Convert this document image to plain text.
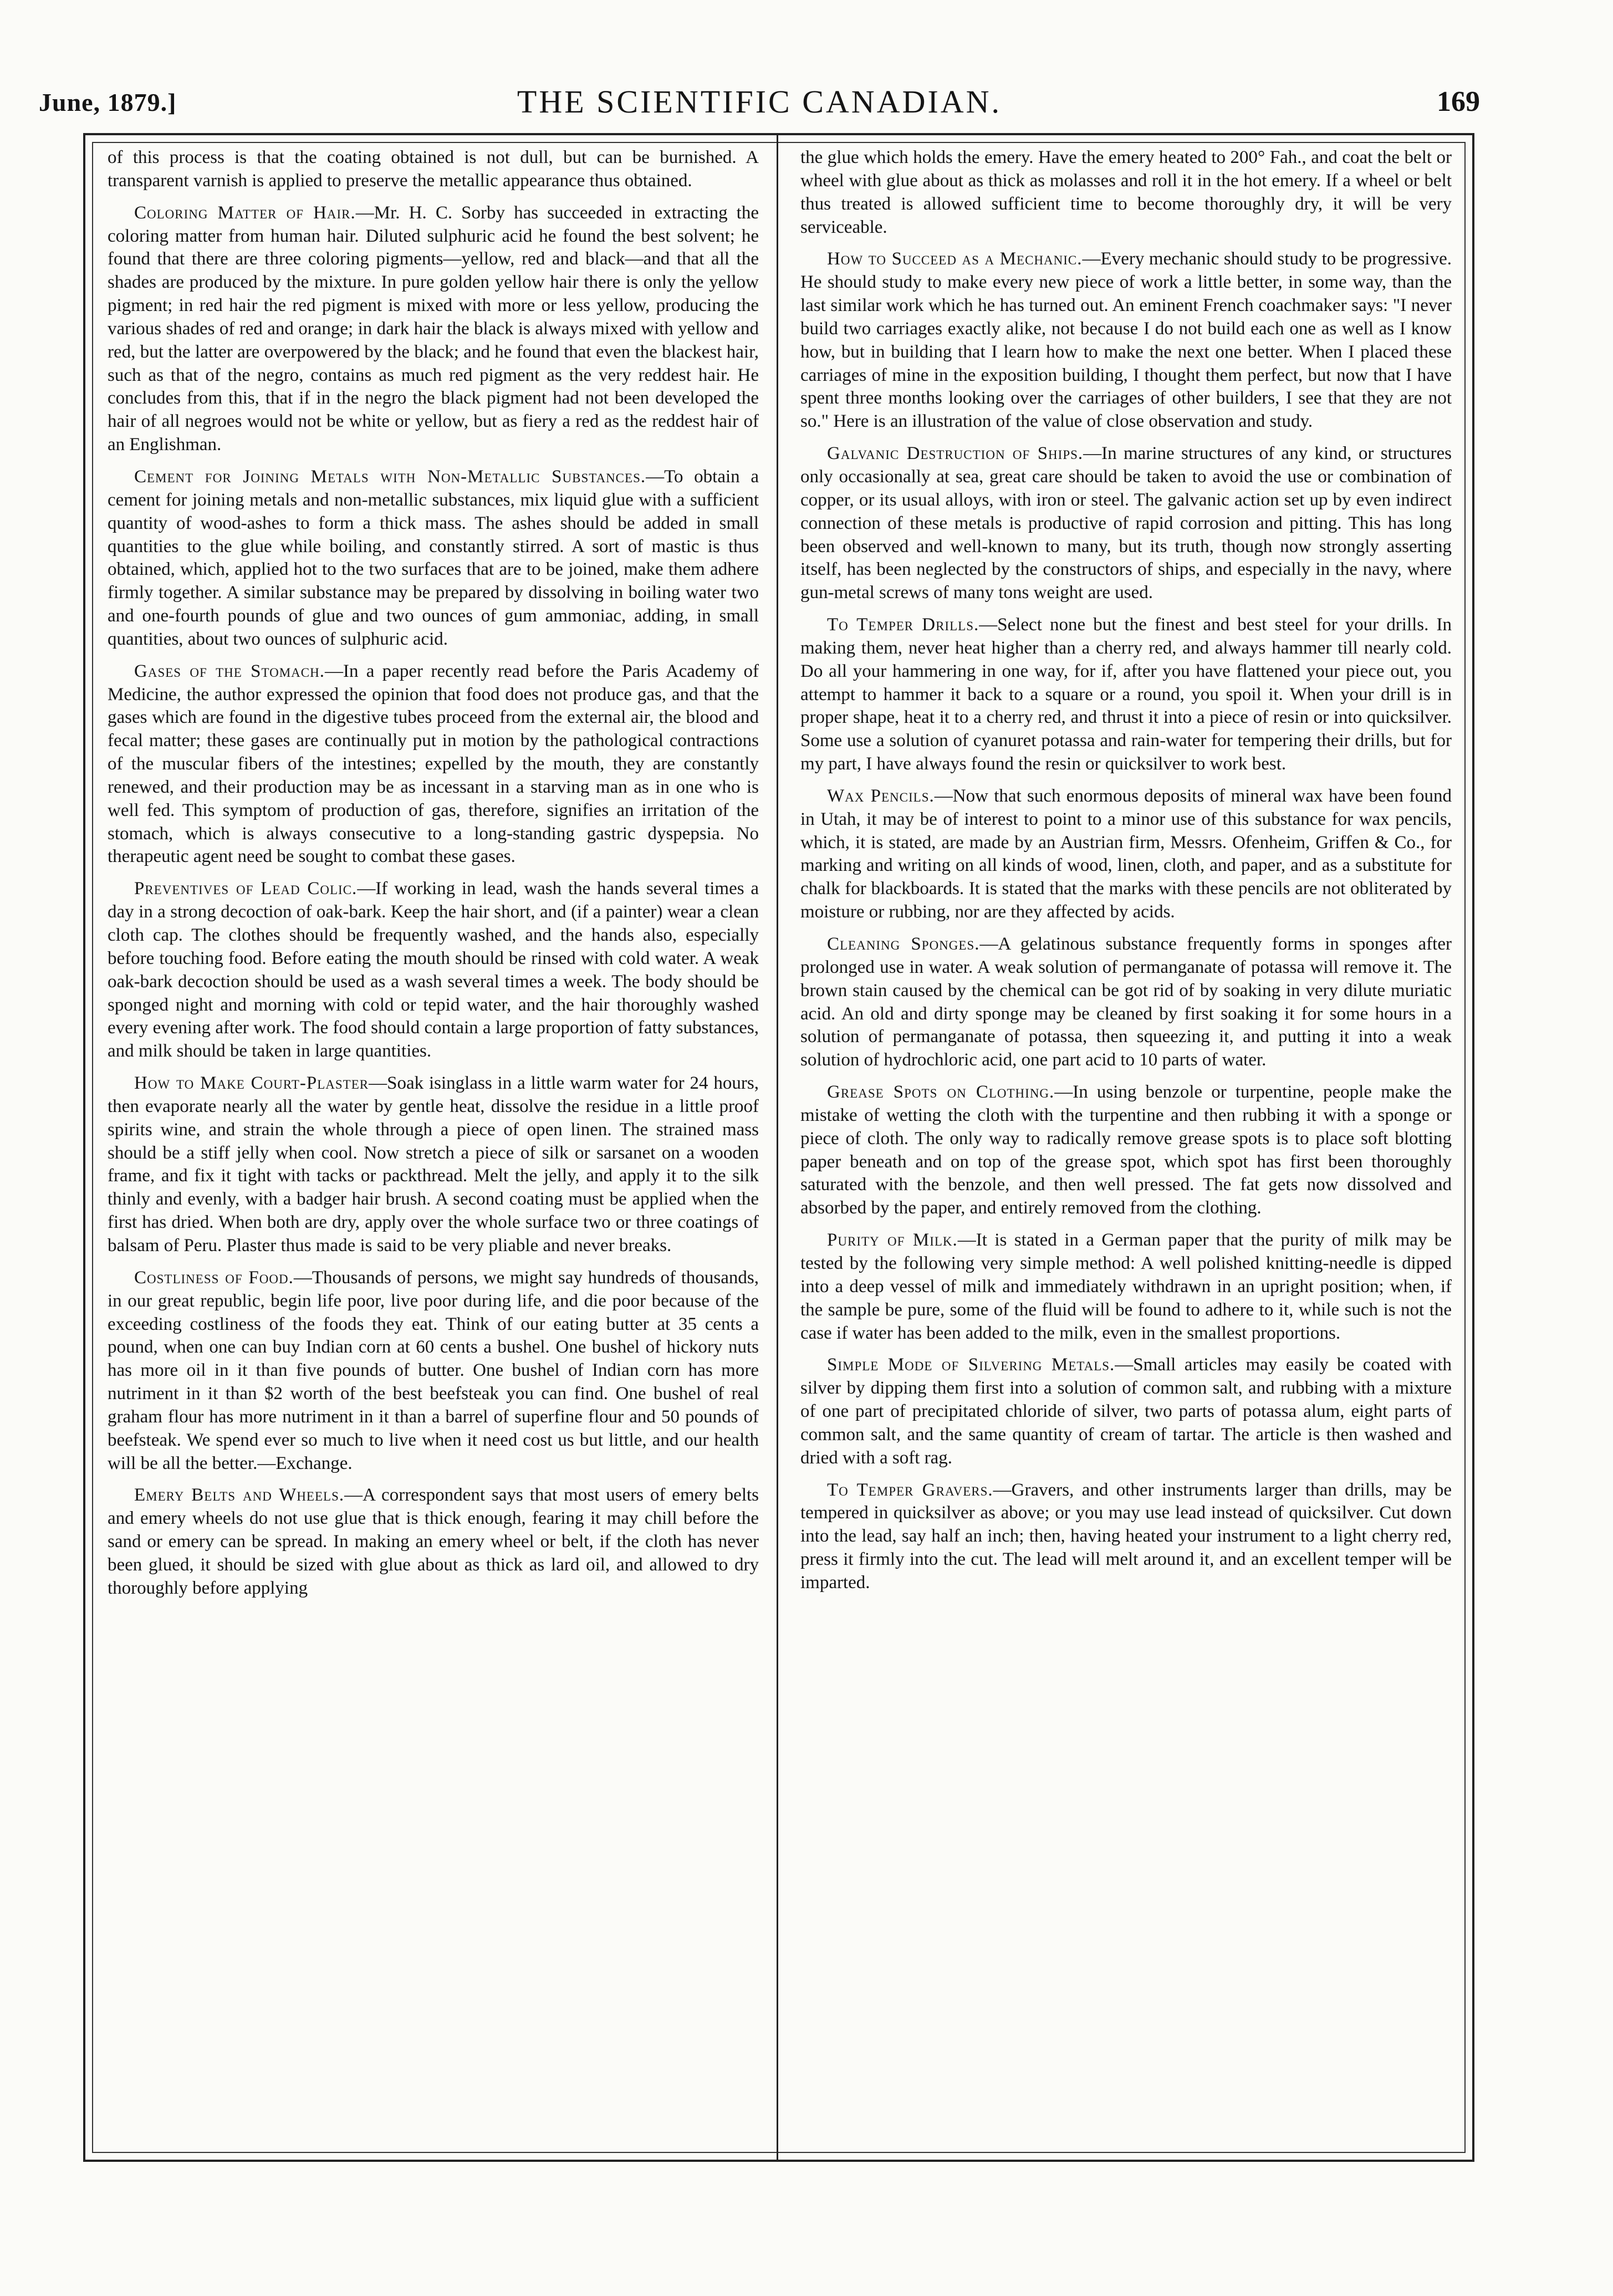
June, 1879.]	THE SCIENTIFIC CANADIAN.	169

of this process is that the coating obtained is not dull, but can be burnished. A transparent varnish is applied to preserve the metallic appearance thus obtained.

Coloring Matter of Hair.—Mr. H. C. Sorby has succeeded in extracting the coloring matter from human hair. Diluted sulphuric acid he found the best solvent; he found that there are three coloring pigments—yellow, red and black—and that all the shades are produced by the mixture. In pure golden yellow hair there is only the yellow pigment; in red hair the red pigment is mixed with more or less yellow, producing the various shades of red and orange; in dark hair the black is always mixed with yellow and red, but the latter are overpowered by the black; and he found that even the blackest hair, such as that of the negro, contains as much red pigment as the very reddest hair. He concludes from this, that if in the negro the black pigment had not been developed the hair of all negroes would not be white or yellow, but as fiery a red as the reddest hair of an Englishman.

Cement for Joining Metals with Non-Metallic Substances.—To obtain a cement for joining metals and non-metallic substances, mix liquid glue with a sufficient quantity of wood-ashes to form a thick mass. The ashes should be added in small quantities to the glue while boiling, and constantly stirred. A sort of mastic is thus obtained, which, applied hot to the two surfaces that are to be joined, make them adhere firmly together. A similar substance may be prepared by dissolving in boiling water two and one-fourth pounds of glue and two ounces of gum ammoniac, adding, in small quantities, about two ounces of sulphuric acid.

Gases of the Stomach.—In a paper recently read before the Paris Academy of Medicine, the author expressed the opinion that food does not produce gas, and that the gases which are found in the digestive tubes proceed from the external air, the blood and fecal matter; these gases are continually put in motion by the pathological contractions of the muscular fibers of the intestines; expelled by the mouth, they are constantly renewed, and their production may be as incessant in a starving man as in one who is well fed. This symptom of production of gas, therefore, signifies an irritation of the stomach, which is always consecutive to a long-standing gastric dyspepsia. No therapeutic agent need be sought to combat these gases.

Preventives of Lead Colic.—If working in lead, wash the hands several times a day in a strong decoction of oak-bark. Keep the hair short, and (if a painter) wear a clean cloth cap. The clothes should be frequently washed, and the hands also, especially before touching food. Before eating the mouth should be rinsed with cold water. A weak oak-bark decoction should be used as a wash several times a week. The body should be sponged night and morning with cold or tepid water, and the hair thoroughly washed every evening after work. The food should contain a large proportion of fatty substances, and milk should be taken in large quantities.

How to Make Court-Plaster—Soak isinglass in a little warm water for 24 hours, then evaporate nearly all the water by gentle heat, dissolve the residue in a little proof spirits wine, and strain the whole through a piece of open linen. The strained mass should be a stiff jelly when cool. Now stretch a piece of silk or sarsanet on a wooden frame, and fix it tight with tacks or packthread. Melt the jelly, and apply it to the silk thinly and evenly, with a badger hair brush. A second coating must be applied when the first has dried. When both are dry, apply over the whole surface two or three coatings of balsam of Peru. Plaster thus made is said to be very pliable and never breaks.

Costliness of Food.—Thousands of persons, we might say hundreds of thousands, in our great republic, begin life poor, live poor during life, and die poor because of the exceeding costliness of the foods they eat. Think of our eating butter at 35 cents a pound, when one can buy Indian corn at 60 cents a bushel. One bushel of hickory nuts has more oil in it than five pounds of butter. One bushel of Indian corn has more nutriment in it than $2 worth of the best beefsteak you can find. One bushel of real graham flour has more nutriment in it than a barrel of superfine flour and 50 pounds of beefsteak. We spend ever so much to live when it need cost us but little, and our health will be all the better.—Exchange.

Emery Belts and Wheels.—A correspondent says that most users of emery belts and emery wheels do not use glue that is thick enough, fearing it may chill before the sand or emery can be spread. In making an emery wheel or belt, if the cloth has never been glued, it should be sized with glue about as thick as lard oil, and allowed to dry thoroughly before applying

the glue which holds the emery. Have the emery heated to 200° Fah., and coat the belt or wheel with glue about as thick as molasses and roll it in the hot emery. If a wheel or belt thus treated is allowed sufficient time to become thoroughly dry, it will be very serviceable.

How to Succeed as a Mechanic.—Every mechanic should study to be progressive. He should study to make every new piece of work a little better, in some way, than the last similar work which he has turned out. An eminent French coachmaker says: "I never build two carriages exactly alike, not because I do not build each one as well as I know how, but in building that I learn how to make the next one better. When I placed these carriages of mine in the exposition building, I thought them perfect, but now that I have spent three months looking over the carriages of other builders, I see that they are not so." Here is an illustration of the value of close observation and study.

Galvanic Destruction of Ships.—In marine structures of any kind, or structures only occasionally at sea, great care should be taken to avoid the use or combination of copper, or its usual alloys, with iron or steel. The galvanic action set up by even indirect connection of these metals is productive of rapid corrosion and pitting. This has long been observed and well-known to many, but its truth, though now strongly asserting itself, has been neglected by the constructors of ships, and especially in the navy, where gun-metal screws of many tons weight are used.

To Temper Drills.—Select none but the finest and best steel for your drills. In making them, never heat higher than a cherry red, and always hammer till nearly cold. Do all your hammering in one way, for if, after you have flattened your piece out, you attempt to hammer it back to a square or a round, you spoil it. When your drill is in proper shape, heat it to a cherry red, and thrust it into a piece of resin or into quicksilver. Some use a solution of cyanuret potassa and rain-water for tempering their drills, but for my part, I have always found the resin or quicksilver to work best.

Wax Pencils.—Now that such enormous deposits of mineral wax have been found in Utah, it may be of interest to point to a minor use of this substance for wax pencils, which, it is stated, are made by an Austrian firm, Messrs. Ofenheim, Griffen & Co., for marking and writing on all kinds of wood, linen, cloth, and paper, and as a substitute for chalk for blackboards. It is stated that the marks with these pencils are not obliterated by moisture or rubbing, nor are they affected by acids.

Cleaning Sponges.—A gelatinous substance frequently forms in sponges after prolonged use in water. A weak solution of permanganate of potassa will remove it. The brown stain caused by the chemical can be got rid of by soaking in very dilute muriatic acid. An old and dirty sponge may be cleaned by first soaking it for some hours in a solution of permanganate of potassa, then squeezing it, and putting it into a weak solution of hydrochloric acid, one part acid to 10 parts of water.

Grease Spots on Clothing.—In using benzole or turpentine, people make the mistake of wetting the cloth with the turpentine and then rubbing it with a sponge or piece of cloth. The only way to radically remove grease spots is to place soft blotting paper beneath and on top of the grease spot, which spot has first been thoroughly saturated with the benzole, and then well pressed. The fat gets now dissolved and absorbed by the paper, and entirely removed from the clothing.

Purity of Milk.—It is stated in a German paper that the purity of milk may be tested by the following very simple method: A well polished knitting-needle is dipped into a deep vessel of milk and immediately withdrawn in an upright position; when, if the sample be pure, some of the fluid will be found to adhere to it, while such is not the case if water has been added to the milk, even in the smallest proportions.

Simple Mode of Silvering Metals.—Small articles may easily be coated with silver by dipping them first into a solution of common salt, and rubbing with a mixture of one part of precipitated chloride of silver, two parts of potassa alum, eight parts of common salt, and the same quantity of cream of tartar. The article is then washed and dried with a soft rag.

To Temper Gravers.—Gravers, and other instruments larger than drills, may be tempered in quicksilver as above; or you may use lead instead of quicksilver. Cut down into the lead, say half an inch; then, having heated your instrument to a light cherry red, press it firmly into the cut. The lead will melt around it, and an excellent temper will be imparted.
